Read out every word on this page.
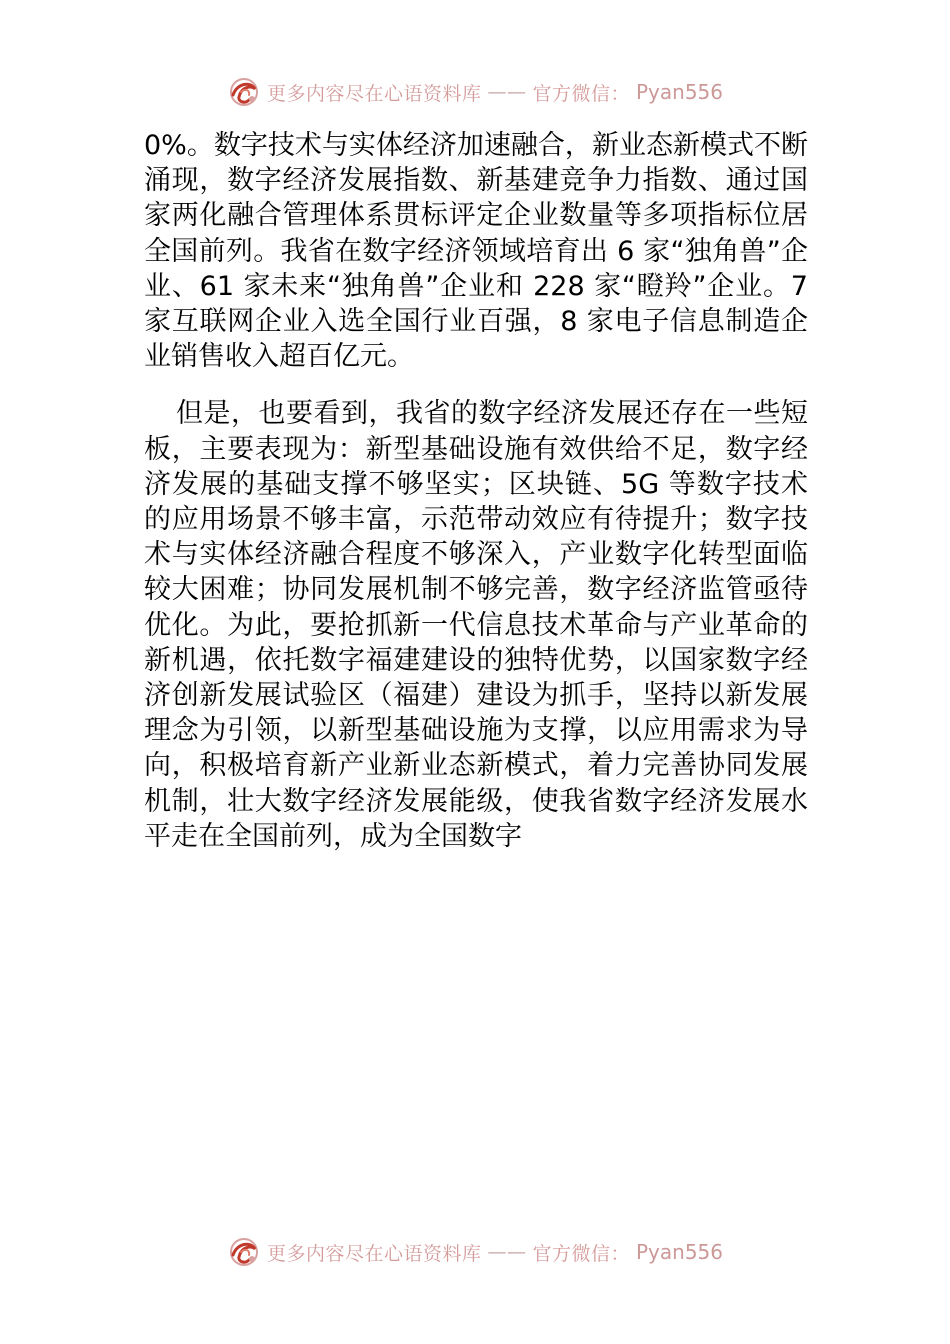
更多内容尽在心语资料库 —— 官方微信： Pyan556

0%。数字技术与实体经济加速融合，新业态新模式不断涌现，数字经济发展指数、新基建竞争力指数、通过国家两化融合管理体系贯标评定企业数量等多项指标位居全国前列。我省在数字经济领域培育出 6 家“独角兽”企业、61 家未来“独角兽”企业和 228 家“瞪羚”企业。7 家互联网企业入选全国行业百强，8 家电子信息制造企业销售收入超百亿元。

但是，也要看到，我省的数字经济发展还存在一些短板，主要表现为：新型基础设施有效供给不足，数字经济发展的基础支撑不够坚实；区块链、5G 等数字技术的应用场景不够丰富，示范带动效应有待提升；数字技术与实体经济融合程度不够深入，产业数字化转型面临较大困难；协同发展机制不够完善，数字经济监管亟待优化。为此，要抢抓新一代信息技术革命与产业革命的新机遇，依托数字福建建设的独特优势，以国家数字经济创新发展试验区（福建）建设为抓手，坚持以新发展理念为引领，以新型基础设施为支撑，以应用需求为导向，积极培育新产业新业态新模式，着力完善协同发展机制，壮大数字经济发展能级，使我省数字经济发展水平走在全国前列，成为全国数字

更多内容尽在心语资料库 —— 官方微信： Pyan556
